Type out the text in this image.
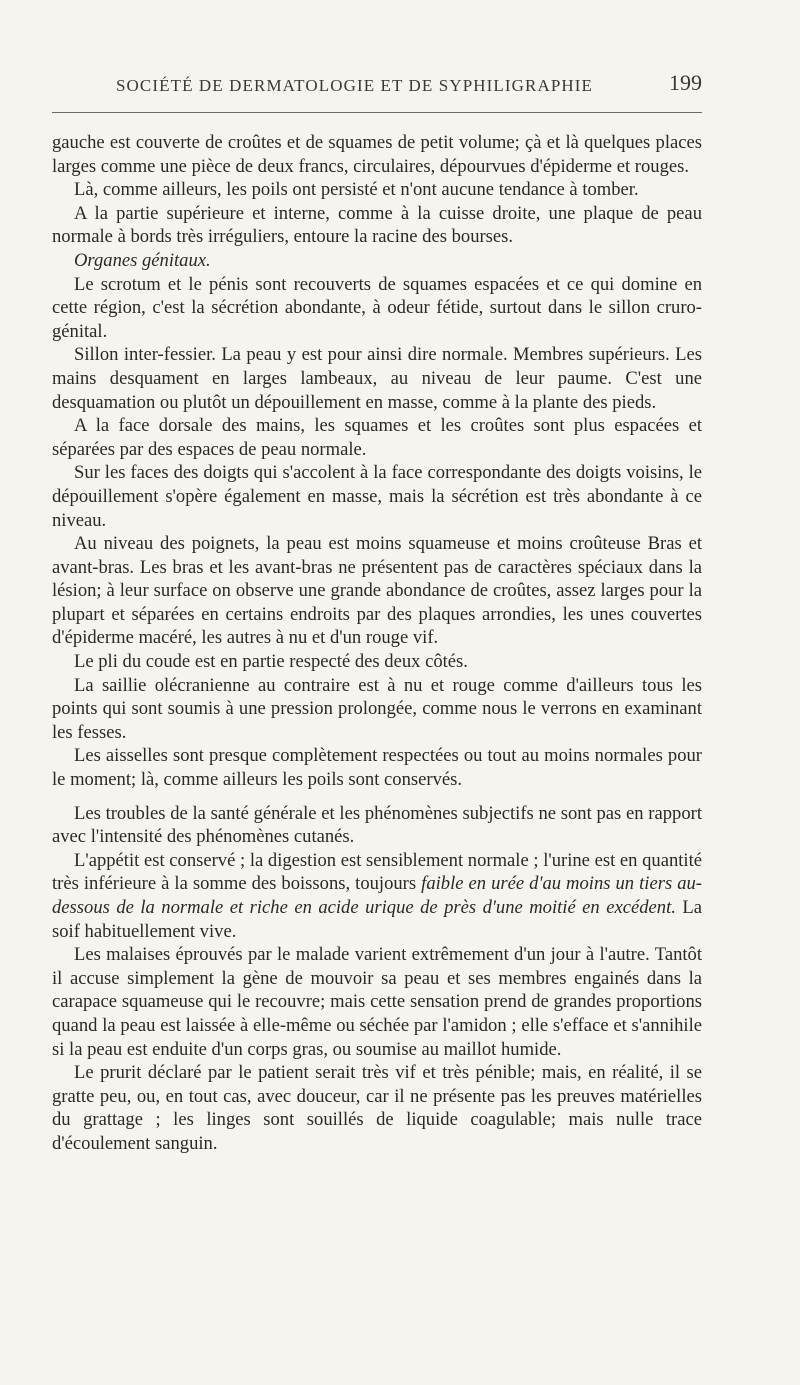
SOCIÉTÉ DE DERMATOLOGIE ET DE SYPHILIGRAPHIE	199

gauche est couverte de croûtes et de squames de petit volume; çà et là quelques places larges comme une pièce de deux francs, circulaires, dépourvues d'épiderme et rouges.

Là, comme ailleurs, les poils ont persisté et n'ont aucune tendance à tomber.

A la partie supérieure et interne, comme à la cuisse droite, une plaque de peau normale à bords très irréguliers, entoure la racine des bourses.

Organes génitaux.

Le scrotum et le pénis sont recouverts de squames espacées et ce qui domine en cette région, c'est la sécrétion abondante, à odeur fétide, surtout dans le sillon cruro-génital.

Sillon inter-fessier. La peau y est pour ainsi dire normale. Membres supérieurs. Les mains desquament en larges lambeaux, au niveau de leur paume. C'est une desquamation ou plutôt un dépouillement en masse, comme à la plante des pieds.

A la face dorsale des mains, les squames et les croûtes sont plus espacées et séparées par des espaces de peau normale.

Sur les faces des doigts qui s'accolent à la face correspondante des doigts voisins, le dépouillement s'opère également en masse, mais la sécrétion est très abondante à ce niveau.

Au niveau des poignets, la peau est moins squameuse et moins croûteuse Bras et avant-bras. Les bras et les avant-bras ne présentent pas de caractères spéciaux dans la lésion; à leur surface on observe une grande abondance de croûtes, assez larges pour la plupart et séparées en certains endroits par des plaques arrondies, les unes couvertes d'épiderme macéré, les autres à nu et d'un rouge vif.

Le pli du coude est en partie respecté des deux côtés.

La saillie olécranienne au contraire est à nu et rouge comme d'ailleurs tous les points qui sont soumis à une pression prolongée, comme nous le verrons en examinant les fesses.

Les aisselles sont presque complètement respectées ou tout au moins normales pour le moment; là, comme ailleurs les poils sont conservés.

Les troubles de la santé générale et les phénomènes subjectifs ne sont pas en rapport avec l'intensité des phénomènes cutanés.

L'appétit est conservé ; la digestion est sensiblement normale ; l'urine est en quantité très inférieure à la somme des boissons, toujours faible en urée d'au moins un tiers au-dessous de la normale et riche en acide urique de près d'une moitié en excédent. La soif habituellement vive.

Les malaises éprouvés par le malade varient extrêmement d'un jour à l'autre. Tantôt il accuse simplement la gène de mouvoir sa peau et ses membres engainés dans la carapace squameuse qui le recouvre; mais cette sensation prend de grandes proportions quand la peau est laissée à elle-même ou séchée par l'amidon ; elle s'efface et s'annihile si la peau est enduite d'un corps gras, ou soumise au maillot humide.

Le prurit déclaré par le patient serait très vif et très pénible; mais, en réalité, il se gratte peu, ou, en tout cas, avec douceur, car il ne présente pas les preuves matérielles du grattage ; les linges sont souillés de liquide coagulable; mais nulle trace d'écoulement sanguin.
